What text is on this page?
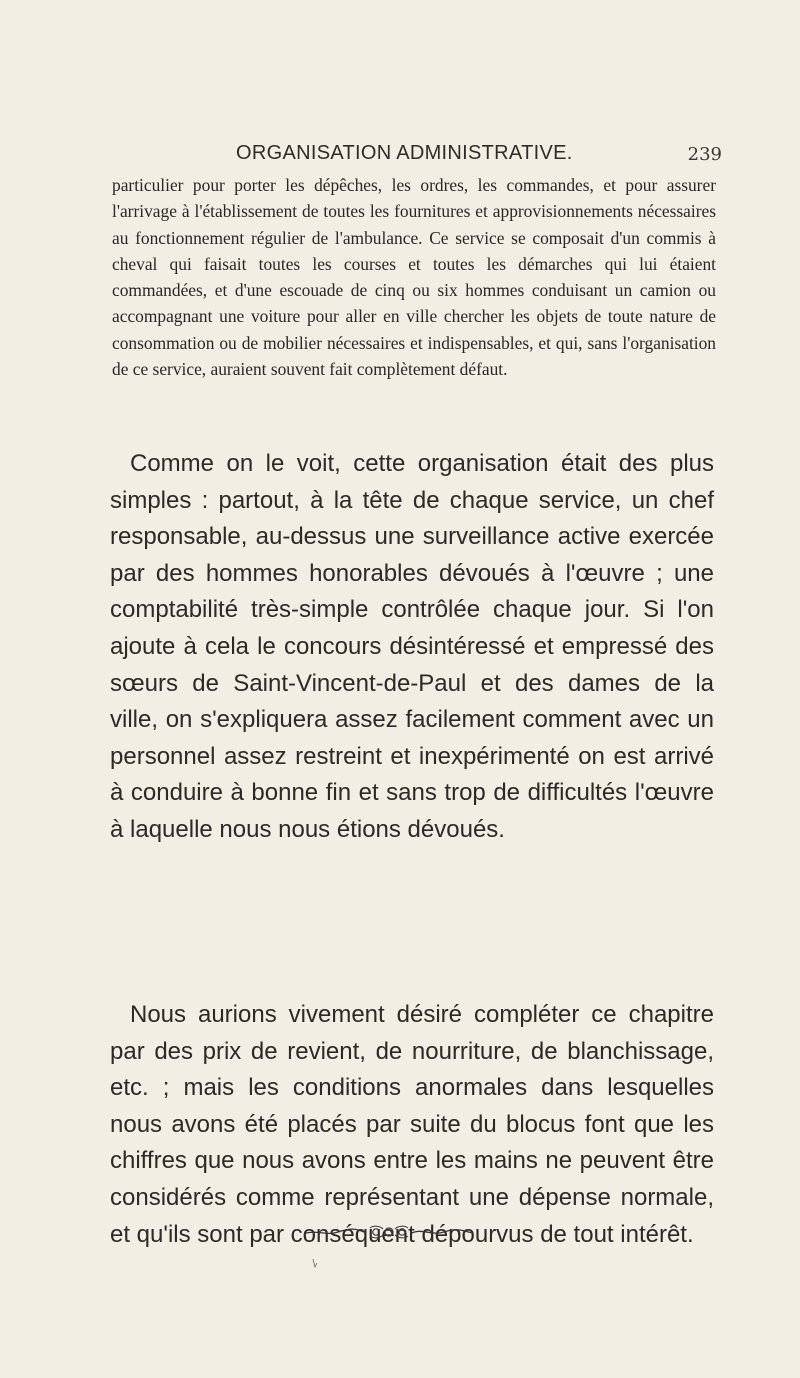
ORGANISATION ADMINISTRATIVE.	239

particulier pour porter les dépêches, les ordres, les commandes, et pour assurer l'arrivage à l'établissement de toutes les fournitures et approvisionnements nécessaires au fonctionnement régulier de l'ambulance. Ce service se composait d'un commis à cheval qui faisait toutes les courses et toutes les démarches qui lui étaient commandées, et d'une escouade de cinq ou six hommes conduisant un camion ou accompagnant une voiture pour aller en ville chercher les objets de toute nature de consommation ou de mobilier nécessaires et indispensables, et qui, sans l'organisation de ce service, auraient souvent fait complètement défaut.

Comme on le voit, cette organisation était des plus simples : partout, à la tête de chaque service, un chef responsable, au-dessus une surveillance active exercée par des hommes honorables dévoués à l'œuvre ; une comptabilité très-simple contrôlée chaque jour. Si l'on ajoute à cela le concours désintéressé et empressé des sœurs de Saint-Vincent-de-Paul et des dames de la ville, on s'expliquera assez facilement comment avec un personnel assez restreint et inexpérimenté on est arrivé à conduire à bonne fin et sans trop de difficultés l'œuvre à laquelle nous nous étions dévoués.

Nous aurions vivement désiré compléter ce chapitre par des prix de revient, de nourriture, de blanchissage, etc. ; mais les conditions anormales dans lesquelles nous avons été placés par suite du blocus font que les chiffres que nous avons entre les mains ne peuvent être considérés comme représentant une dépense normale, et qu'ils sont par conséquent dépourvus de tout intérêt.
